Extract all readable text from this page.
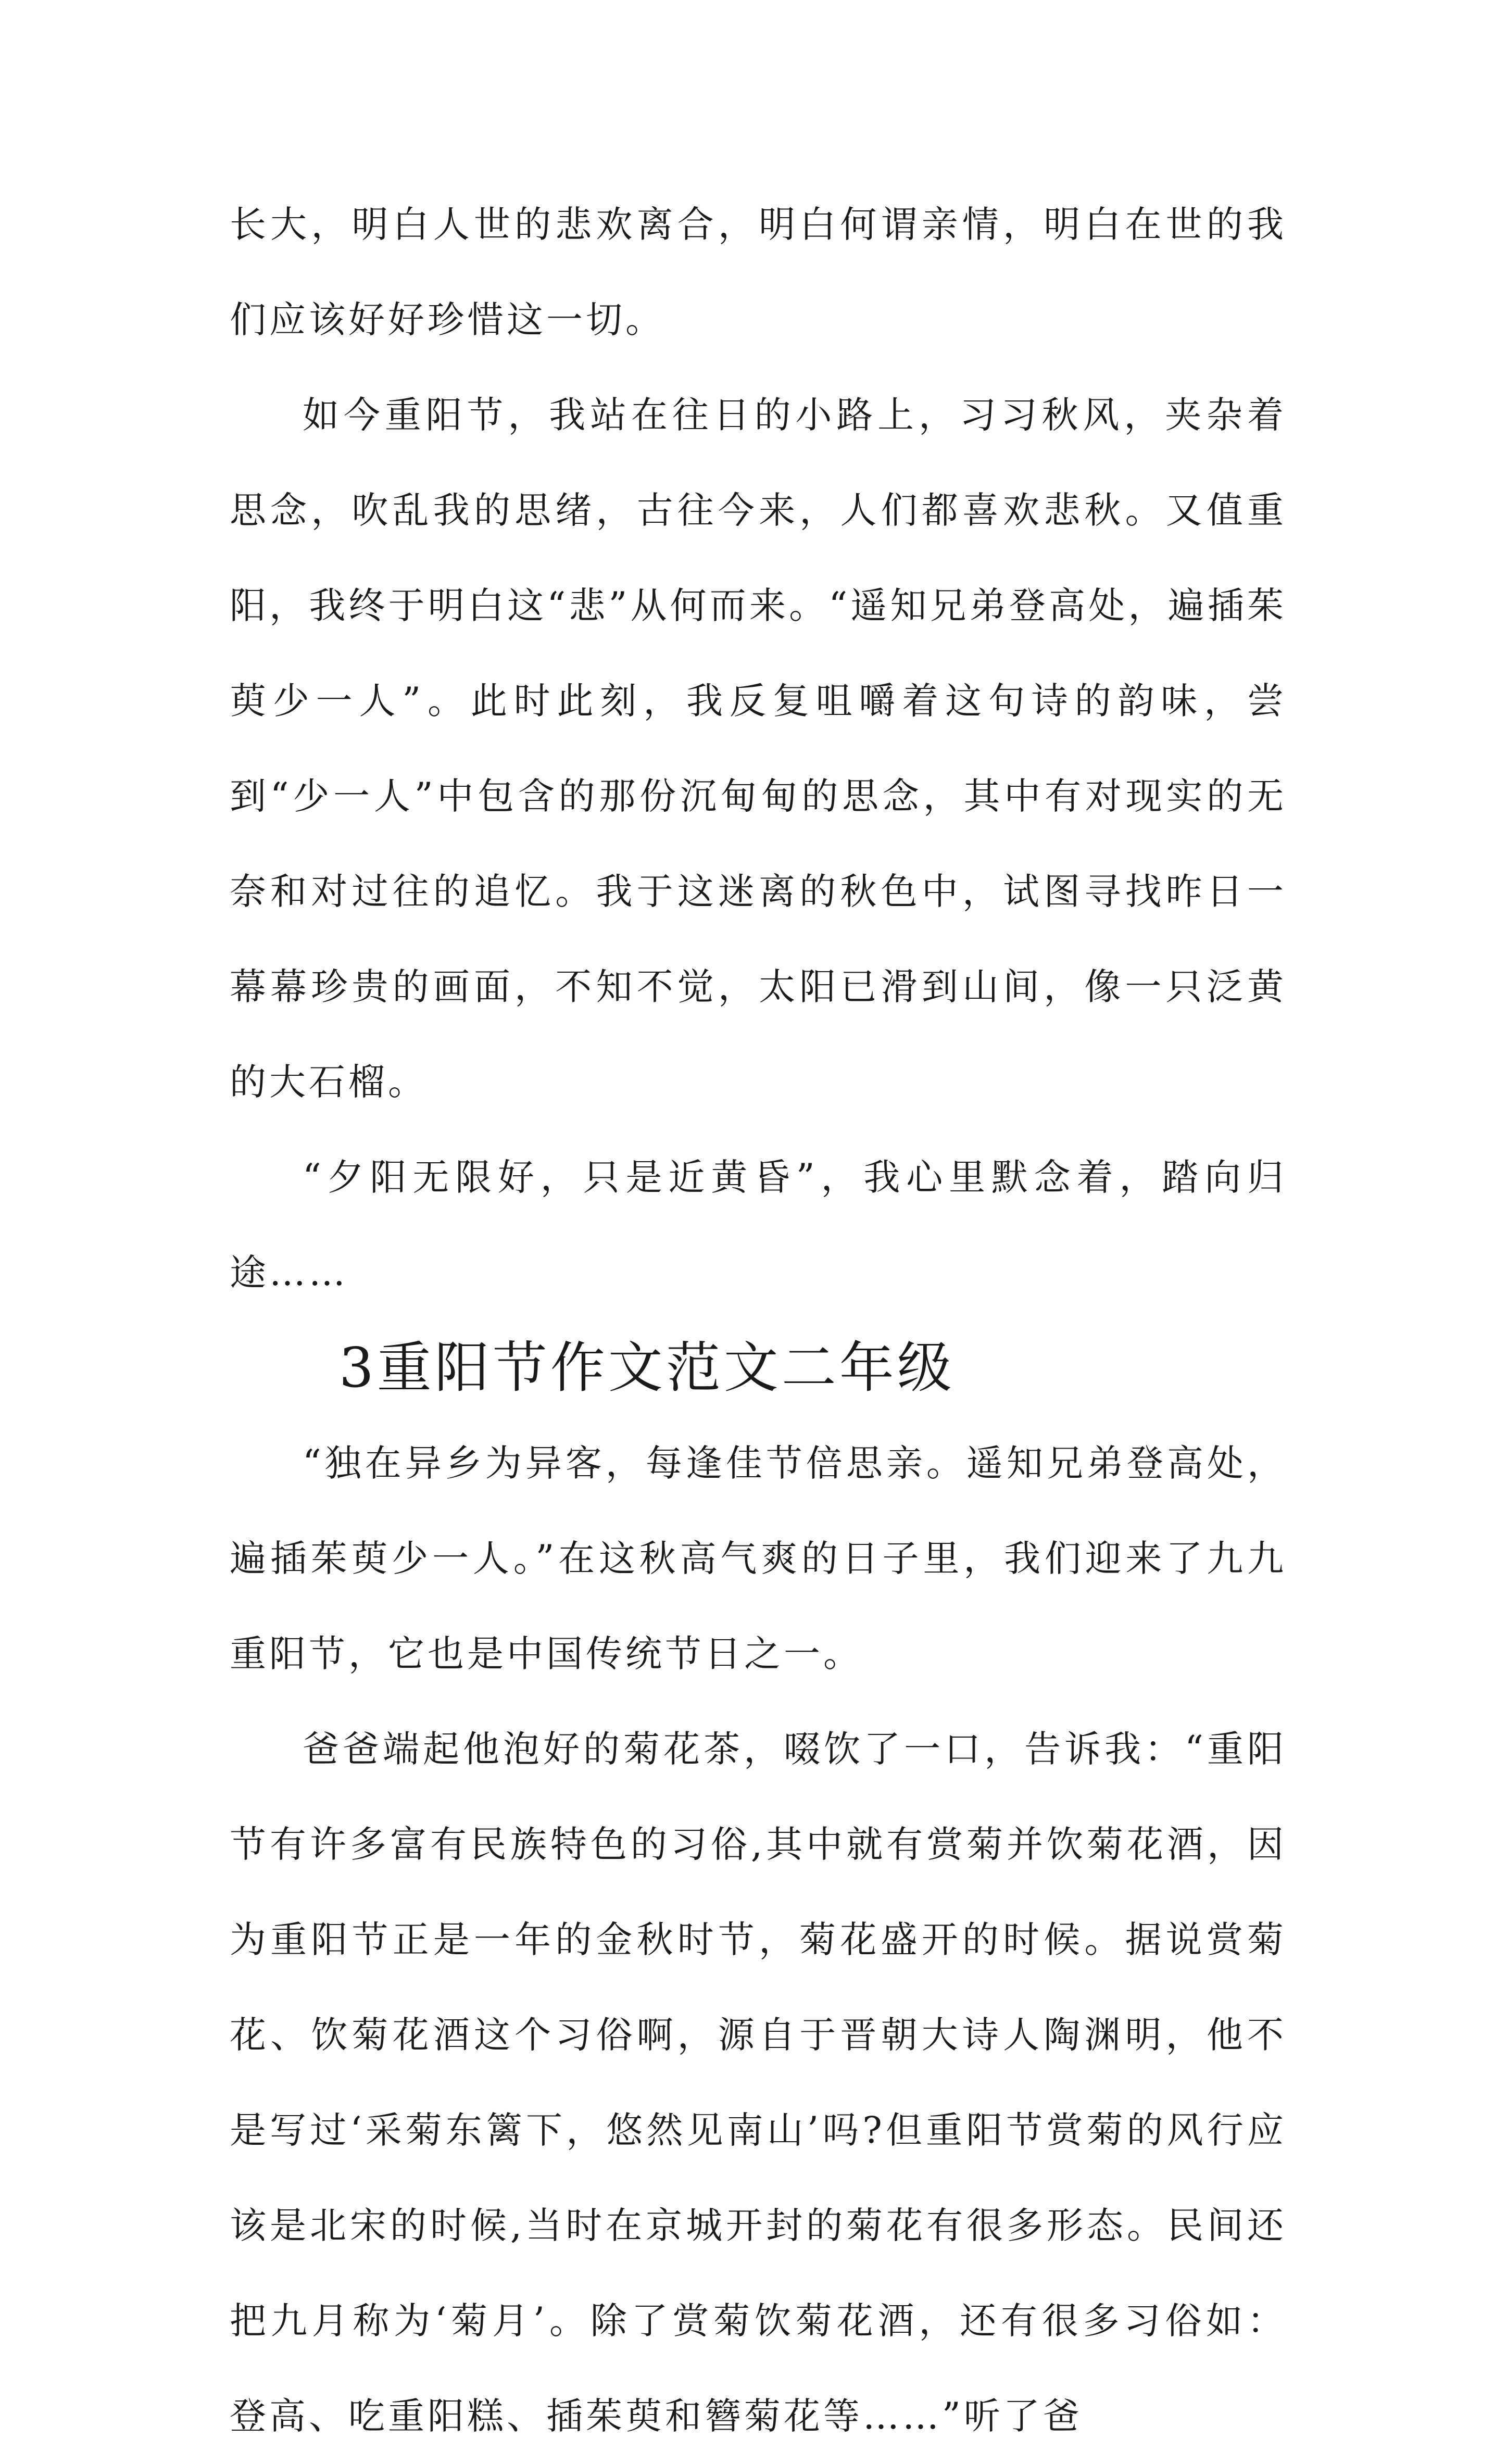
长大，明白人世的悲欢离合，明白何谓亲情，明白在世的我们应该好好珍惜这一切。

如今重阳节，我站在往日的小路上，习习秋风，夹杂着思念，吹乱我的思绪，古往今来，人们都喜欢悲秋。又值重阳，我终于明白这“悲”从何而来。“遥知兄弟登高处，遍插茱萸少一人”。此时此刻，我反复咀嚼着这句诗的韵味，尝到“少一人”中包含的那份沉甸甸的思念，其中有对现实的无奈和对过往的追忆。我于这迷离的秋色中，试图寻找昨日一幕幕珍贵的画面，不知不觉，太阳已滑到山间，像一只泛黄的大石榴。

“夕阳无限好，只是近黄昏”，我心里默念着，踏向归途……

3重阳节作文范文二年级

“独在异乡为异客，每逢佳节倍思亲。遥知兄弟登高处，遍插茱萸少一人。”在这秋高气爽的日子里，我们迎来了九九重阳节，它也是中国传统节日之一。

爸爸端起他泡好的菊花茶，啜饮了一口，告诉我：“重阳节有许多富有民族特色的习俗,其中就有赏菊并饮菊花酒，因为重阳节正是一年的金秋时节，菊花盛开的时候。据说赏菊花、饮菊花酒这个习俗啊，源自于晋朝大诗人陶渊明，他不是写过‘采菊东篱下，悠然见南山’吗?但重阳节赏菊的风行应该是北宋的时候,当时在京城开封的菊花有很多形态。民间还把九月称为‘菊月’。除了赏菊饮菊花酒，还有很多习俗如：登高、吃重阳糕、插茱萸和簪菊花等……”听了爸
